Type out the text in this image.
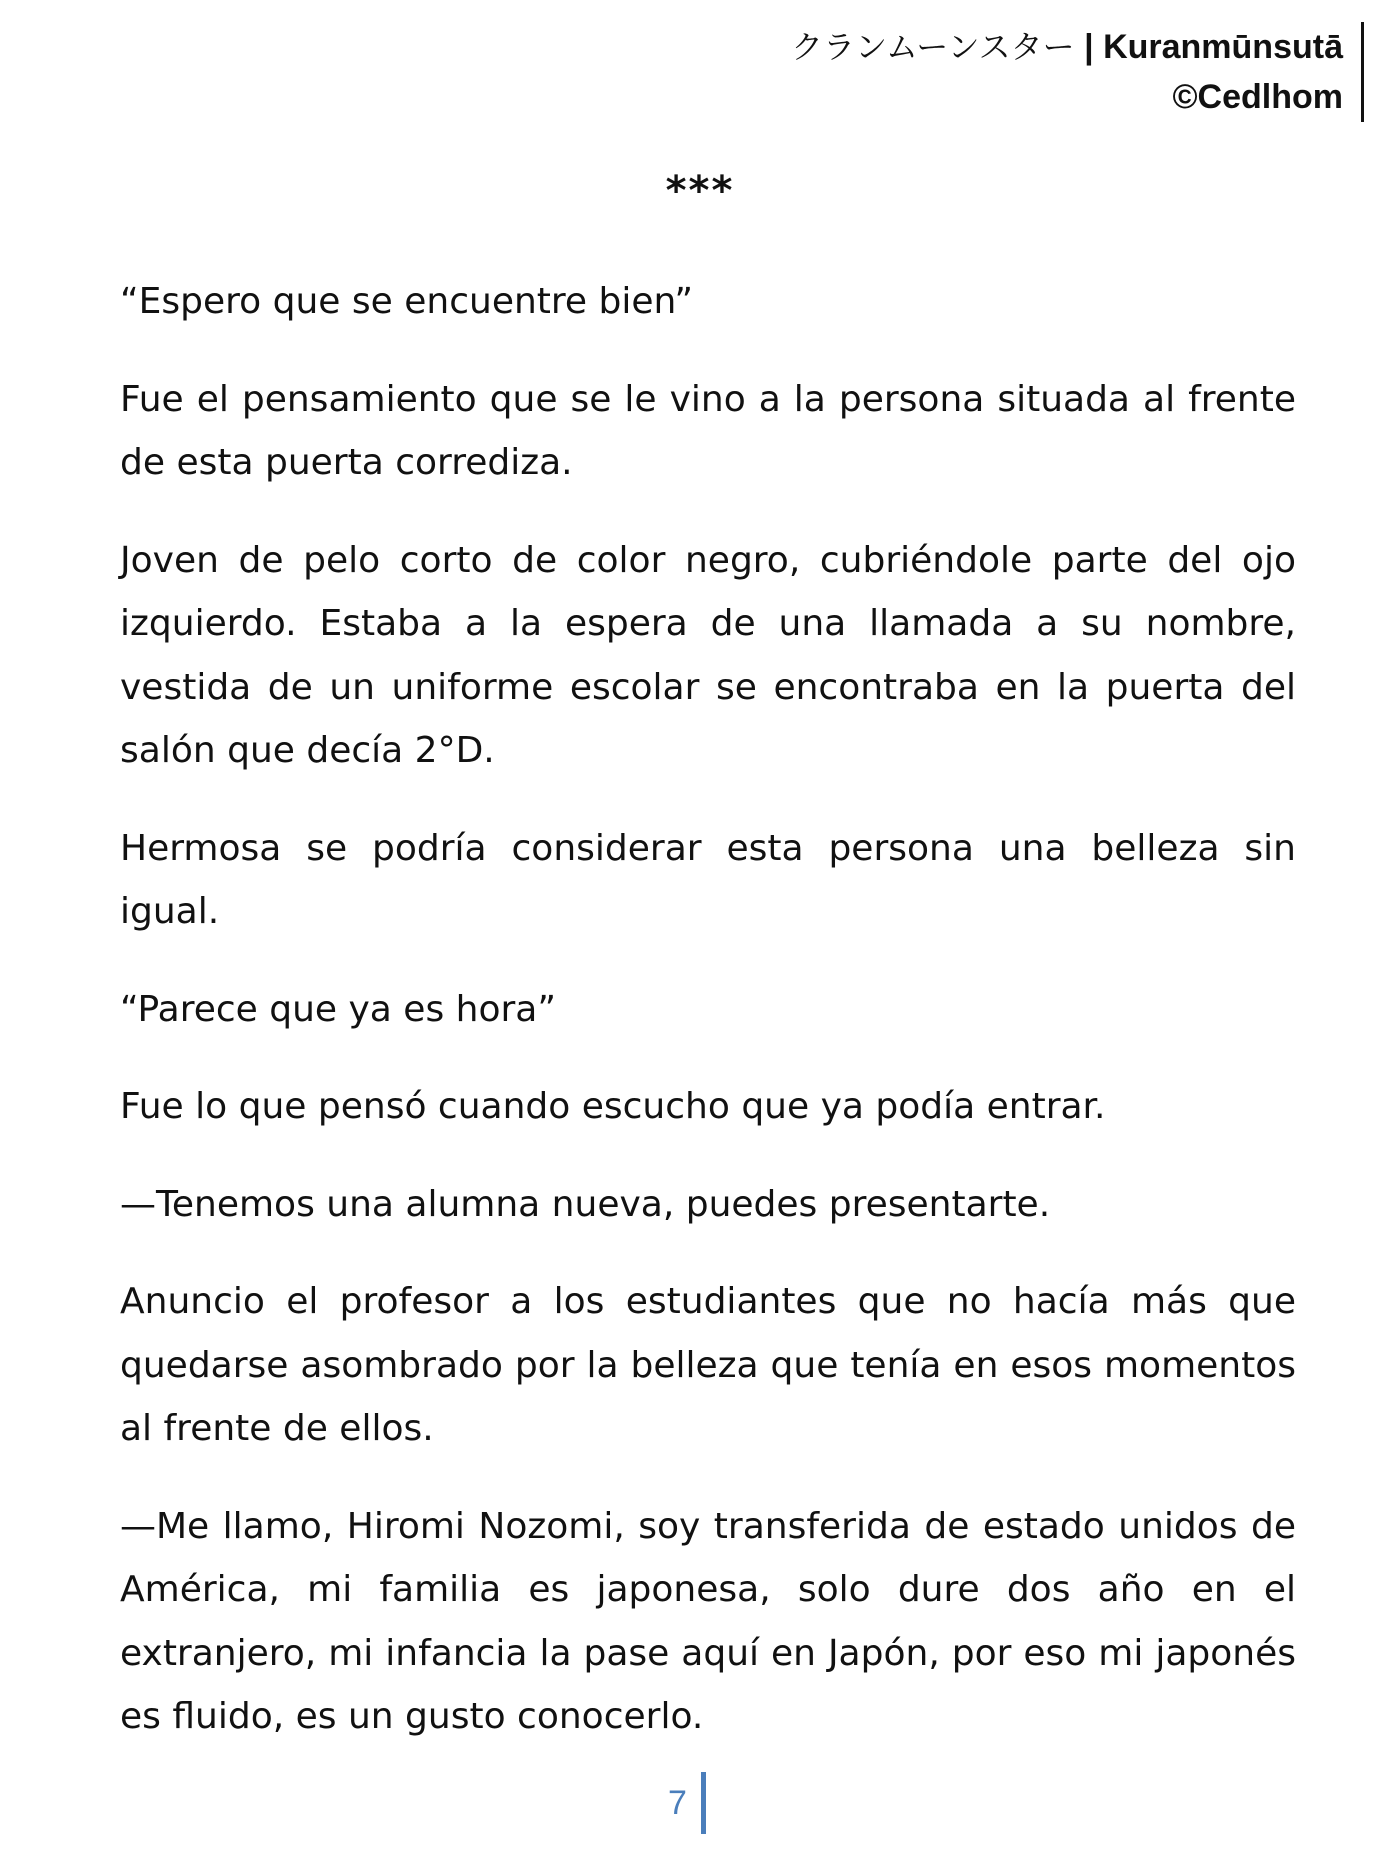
クランムーンスター | Kuranmūnsutā
©Cedlhom
***

“Espero que se encuentre bien”

Fue el pensamiento que se le vino a la persona situada al frente de esta puerta corrediza.

Joven de pelo corto de color negro, cubriéndole parte del ojo izquierdo. Estaba a la espera de una llamada a su nombre, vestida de un uniforme escolar se encontraba en la puerta del salón que decía 2°D.

Hermosa se podría considerar esta persona una belleza sin igual.

“Parece que ya es hora”

Fue lo que pensó cuando escucho que ya podía entrar.

—Tenemos una alumna nueva, puedes presentarte.

Anuncio el profesor a los estudiantes que no hacía más que quedarse asombrado por la belleza que tenía en esos momentos al frente de ellos.

—Me llamo, Hiromi Nozomi, soy transferida de estado unidos de América, mi familia es japonesa, solo dure dos año en el extranjero, mi infancia la pase aquí en Japón, por eso mi japonés es fluido, es un gusto conocerlo.

7
